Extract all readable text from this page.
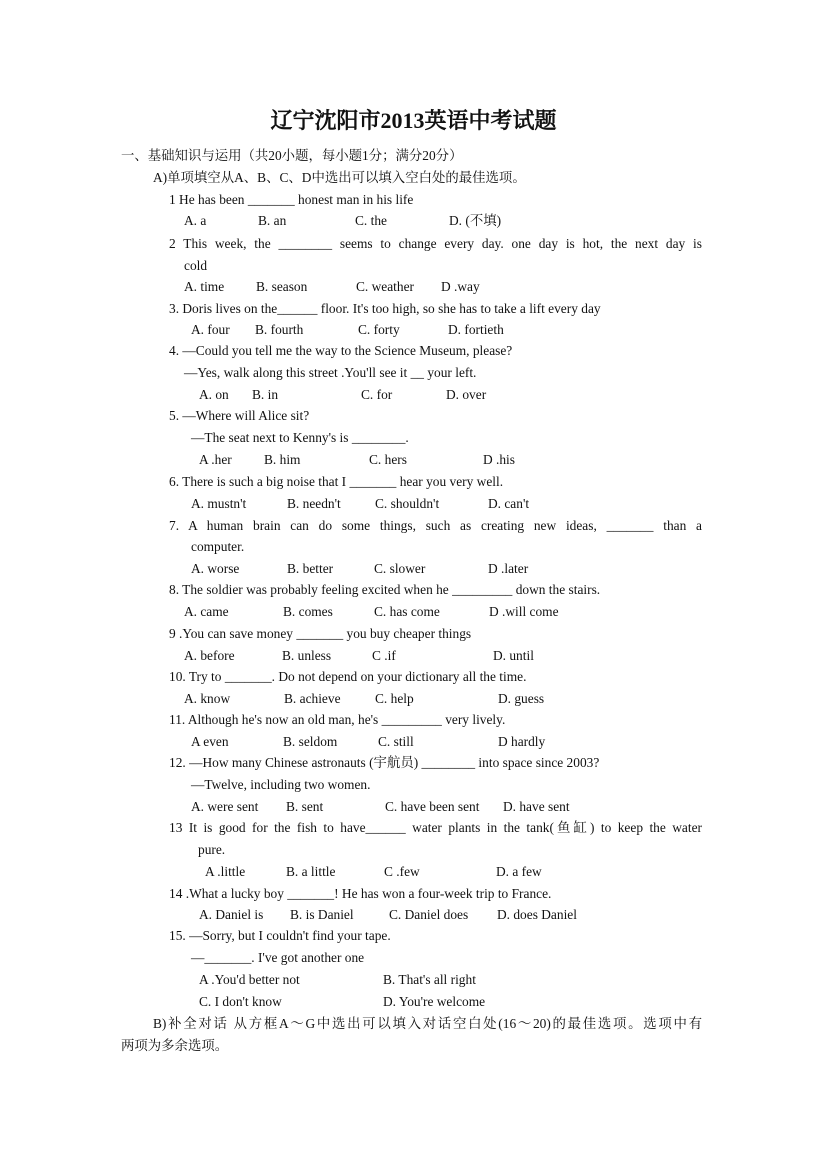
辽宁沈阳市2013英语中考试题
一、基础知识与运用（共20小题，每小题1分；满分20分）
A)单项填空从A、B、C、D中选出可以填入空白处的最佳选项。
1 He has been _______ honest man in his life
A. a	B. an	C. the	D. (不填)
2 This week, the ________ seems to change every day. one day is hot, the next day is
cold
A. time B. season	C. weather D .way
3. Doris lives on the______ floor. It's too high, so she has to take a lift every day
A. four B. fourth	C. forty	D. fortieth
4. —Could you tell me the way to the Science Museum, please?
—Yes, walk along this street .You'll see it __ your left.
A. on B. in	C. for	D. over
5. —Where will Alice sit?
—The seat next to Kenny's is ________.
A .her B. him	C. hers	D .his
6. There is such a big noise that I _______ hear you very well.
A. mustn't	B. needn't	C. shouldn't	D. can't
7. A human brain can do some things, such as creating new ideas, _______ than a
computer.
A. worse	B. better	C. slower	D .later
8. The soldier was probably feeling excited when he _________ down the stairs.
A. came	B. comes	C. has come	D .will come
9 .You can save money _______ you buy cheaper things
A. before	B. unless	C .if	D. until
10. Try to _______. Do not depend on your dictionary all the time.
A. know	B. achieve	C. help	D. guess
11. Although he's now an old man, he's _________ very lively.
A even	B. seldom	C. still	D hardly
12. —How many Chinese astronauts (宇航员) ________ into space since 2003?
—Twelve, including two women.
A. were sent B. sent	C. have been sent D. have sent
13 It is good for the fish to have______ water plants in the tank(鱼缸) to keep the water
pure.
A .little	B. a little	C .few	D. a few
14 .What a lucky boy _______! He has won a four-week trip to France.
A. Daniel is B. is Daniel	C. Daniel does D. does Daniel
15. —Sorry, but I couldn't find your tape.
—_______. I've got another one
A .You'd better not	B. That's all right
C. I don't know	D. You're welcome
B)补全对话 从方框A～G中选出可以填入对话空白处(16～20)的最佳选项。选项中有
两项为多余选项。
